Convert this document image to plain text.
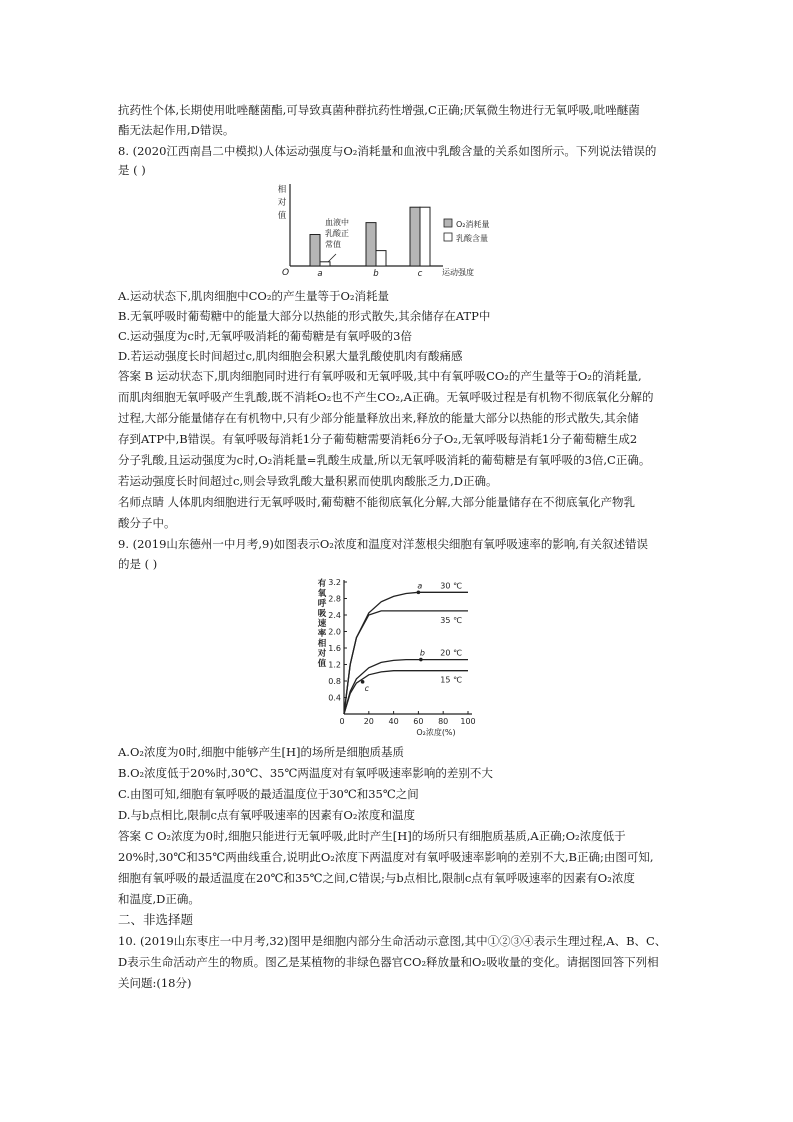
抗药性个体,长期使用吡唑醚菌酯,可导致真菌种群抗药性增强,C正确;厌氧微生物进行无氧呼吸,吡唑醚菌
酯无法起作用,D错误。
8. (2020江西南昌二中模拟)人体运动强度与O₂消耗量和血液中乳酸含量的关系如图所示。下列说法错误的
是 ( )
O
相
对
值
运动强度
a	b	c
血液中
乳酸正
常值
O₂消耗量
乳酸含量
A.运动状态下,肌肉细胞中CO₂的产生量等于O₂消耗量
B.无氧呼吸时葡萄糖中的能量大部分以热能的形式散失,其余储存在ATP中
C.运动强度为c时,无氧呼吸消耗的葡萄糖是有氧呼吸的3倍
D.若运动强度长时间超过c,肌肉细胞会积累大量乳酸使肌肉有酸痛感
答案 B 运动状态下,肌肉细胞同时进行有氧呼吸和无氧呼吸,其中有氧呼吸CO₂的产生量等于O₂的消耗量,
而肌肉细胞无氧呼吸产生乳酸,既不消耗O₂也不产生CO₂,A正确。无氧呼吸过程是有机物不彻底氧化分解的
过程,大部分能量储存在有机物中,只有少部分能量释放出来,释放的能量大部分以热能的形式散失,其余储
存到ATP中,B错误。有氧呼吸每消耗1分子葡萄糖需要消耗6分子O₂,无氧呼吸每消耗1分子葡萄糖生成2
分子乳酸,且运动强度为c时,O₂消耗量=乳酸生成量,所以无氧呼吸消耗的葡萄糖是有氧呼吸的3倍,C正确。
若运动强度长时间超过c,则会导致乳酸大量积累而使肌肉酸胀乏力,D正确。
名师点睛 人体肌肉细胞进行无氧呼吸时,葡萄糖不能彻底氧化分解,大部分能量储存在不彻底氧化产物乳
酸分子中。
9. (2019山东德州一中月考,9)如图表示O₂浓度和温度对洋葱根尖细胞有氧呼吸速率的影响,有关叙述错误
的是 ( )
0.4
0.8
1.2
1.6
2.0
2.4
2.8
3.2
20 40 60 80 100
0
有
氧
呼
吸
速
率
相
对
值
O₂浓度(%)
30 ℃
35 ℃
20 ℃
15 ℃
a
b
c
A.O₂浓度为0时,细胞中能够产生[H]的场所是细胞质基质
B.O₂浓度低于20%时,30℃、35℃两温度对有氧呼吸速率影响的差别不大
C.由图可知,细胞有氧呼吸的最适温度位于30℃和35℃之间
D.与b点相比,限制c点有氧呼吸速率的因素有O₂浓度和温度
答案 C O₂浓度为0时,细胞只能进行无氧呼吸,此时产生[H]的场所只有细胞质基质,A正确;O₂浓度低于
20%时,30℃和35℃两曲线重合,说明此O₂浓度下两温度对有氧呼吸速率影响的差别不大,B正确;由图可知,
细胞有氧呼吸的最适温度在20℃和35℃之间,C错误;与b点相比,限制c点有氧呼吸速率的因素有O₂浓度
和温度,D正确。
二、非选择题
10. (2019山东枣庄一中月考,32)图甲是细胞内部分生命活动示意图,其中①②③④表示生理过程,A、B、C、
D表示生命活动产生的物质。图乙是某植物的非绿色器官CO₂释放量和O₂吸收量的变化。请据图回答下列相
关问题:(18分)
